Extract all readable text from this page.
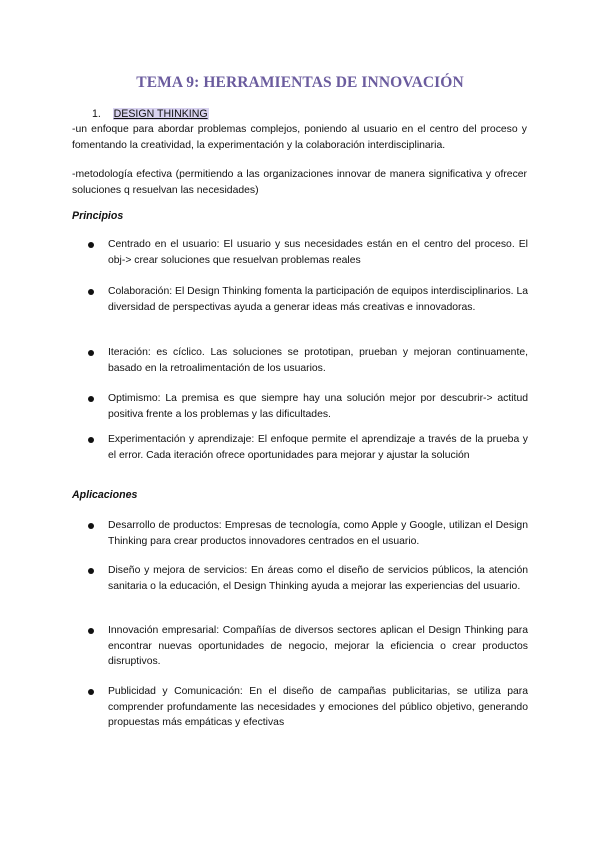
TEMA 9: HERRAMIENTAS DE INNOVACIÓN
1. DESIGN THINKING
-un enfoque para abordar problemas complejos, poniendo al usuario en el centro del proceso y fomentando la creatividad, la experimentación y la colaboración interdisciplinaria.
-metodología efectiva (permitiendo a las organizaciones innovar de manera significativa y ofrecer soluciones q resuelvan las necesidades)
Principios
Centrado en el usuario: El usuario y sus necesidades están en el centro del proceso. El obj-> crear soluciones que resuelvan problemas reales
Colaboración: El Design Thinking fomenta la participación de equipos interdisciplinarios. La diversidad de perspectivas ayuda a generar ideas más creativas e innovadoras.
Iteración: es cíclico. Las soluciones se prototipan, prueban y mejoran continuamente, basado en la retroalimentación de los usuarios.
Optimismo: La premisa es que siempre hay una solución mejor por descubrir-> actitud positiva frente a los problemas y las dificultades.
Experimentación y aprendizaje: El enfoque permite el aprendizaje a través de la prueba y el error. Cada iteración ofrece oportunidades para mejorar y ajustar la solución
Aplicaciones
Desarrollo de productos: Empresas de tecnología, como Apple y Google, utilizan el Design Thinking para crear productos innovadores centrados en el usuario.
Diseño y mejora de servicios: En áreas como el diseño de servicios públicos, la atención sanitaria o la educación, el Design Thinking ayuda a mejorar las experiencias del usuario.
Innovación empresarial: Compañías de diversos sectores aplican el Design Thinking para encontrar nuevas oportunidades de negocio, mejorar la eficiencia o crear productos disruptivos.
Publicidad y Comunicación: En el diseño de campañas publicitarias, se utiliza para comprender profundamente las necesidades y emociones del público objetivo, generando propuestas más empáticas y efectivas
